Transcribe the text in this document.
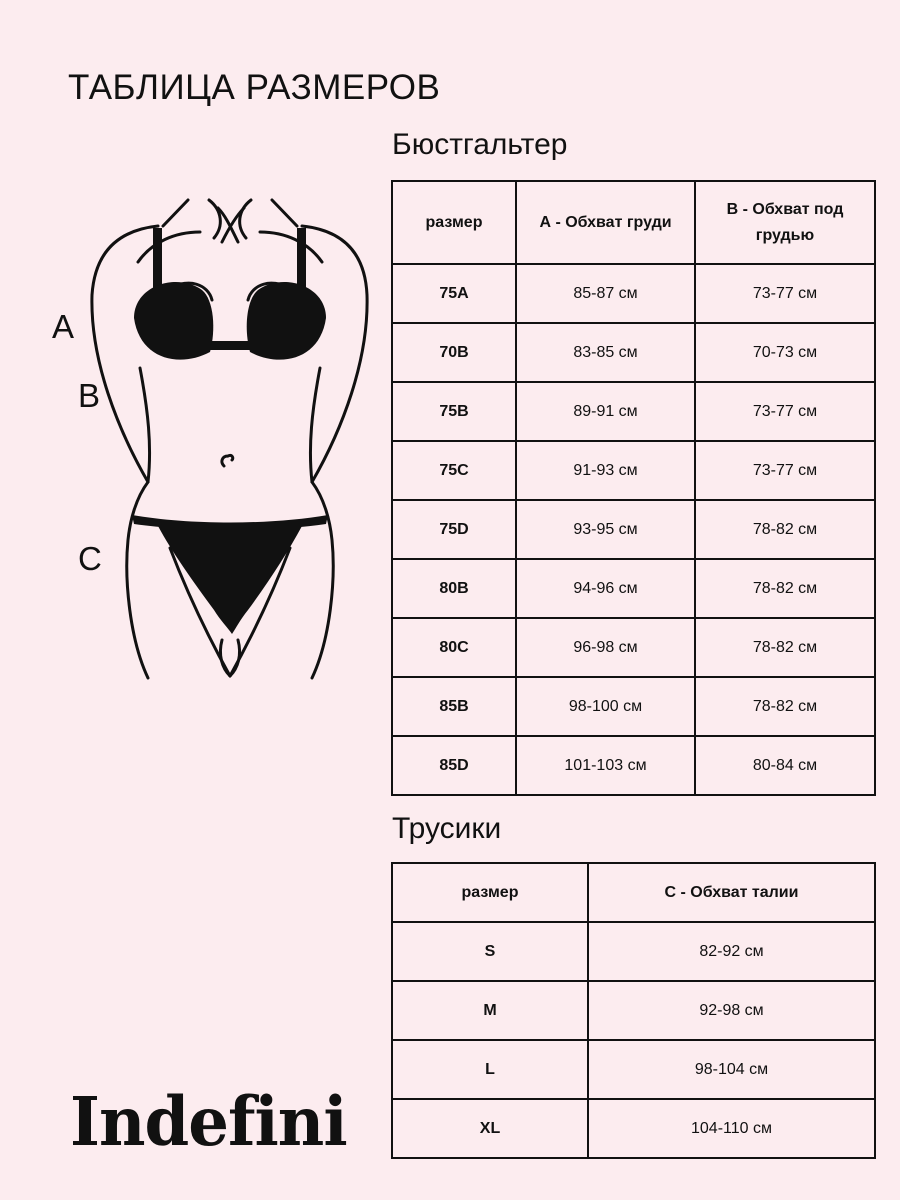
ТАБЛИЦА РАЗМЕРОВ
Бюстгальтер
размер	А - Обхват груди	В - Обхват под грудью
75A	85-87 см	73-77 см
70B	83-85 см	70-73 см
75B	89-91 см	73-77 см
75C	91-93 см	73-77 см
75D	93-95 см	78-82 см
80B	94-96 см	78-82 см
80C	96-98 см	78-82 см
85B	98-100 см	78-82 см
85D	101-103 см	80-84 см
Трусики
размер	С - Обхват талии
S	82-92 см
M	92-98 см
L	98-104 см
XL	104-110 см
A
B
C
Indefini
